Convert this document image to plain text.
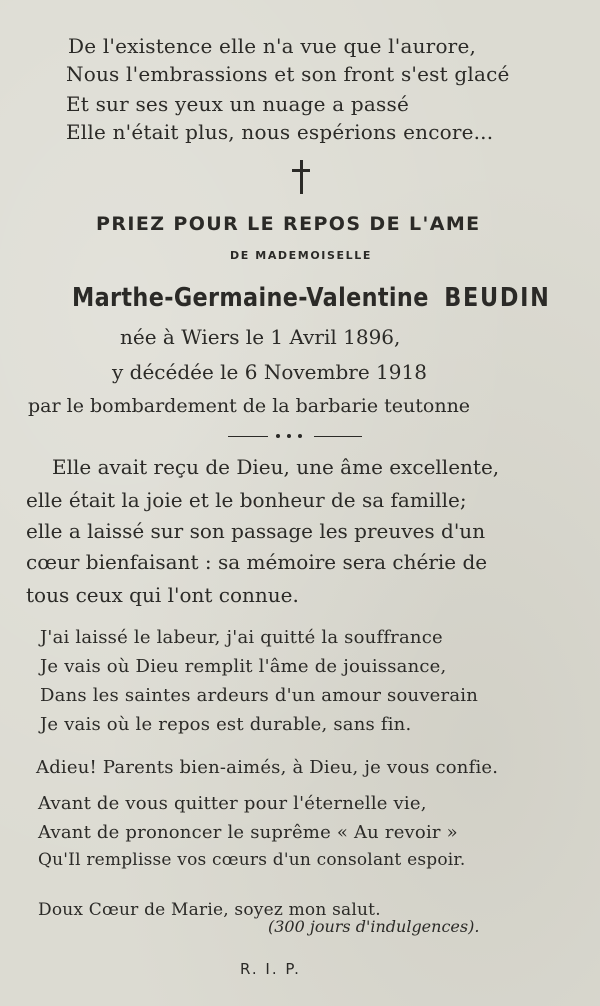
De l'existence elle n'a vue que l'aurore,
Nous l'embrassions et son front s'est glacé
Et sur ses yeux un nuage a passé
Elle n'était plus, nous espérions encore...
PRIEZ POUR LE REPOS DE L'AME
DE MADEMOISELLE
Marthe-Germaine-Valentine BEUDIN
née à Wiers le 1 Avril 1896,
y décédée le 6 Novembre 1918
par le bombardement de la barbarie teutonne
Elle avait reçu de Dieu, une âme excellente,
elle était la joie et le bonheur de sa famille;
elle a laissé sur son passage les preuves d'un
cœur bienfaisant : sa mémoire sera chérie de
tous ceux qui l'ont connue.
J'ai laissé le labeur, j'ai quitté la souffrance
Je vais où Dieu remplit l'âme de jouissance,
Dans les saintes ardeurs d'un amour souverain
Je vais où le repos est durable, sans fin.
Adieu! Parents bien-aimés, à Dieu, je vous confie.
Avant de vous quitter pour l'éternelle vie,
Avant de prononcer le suprême « Au revoir »
Qu'Il remplisse vos cœurs d'un consolant espoir.
Doux Cœur de Marie, soyez mon salut.
(300 jours d'indulgences).
R. I. P.
